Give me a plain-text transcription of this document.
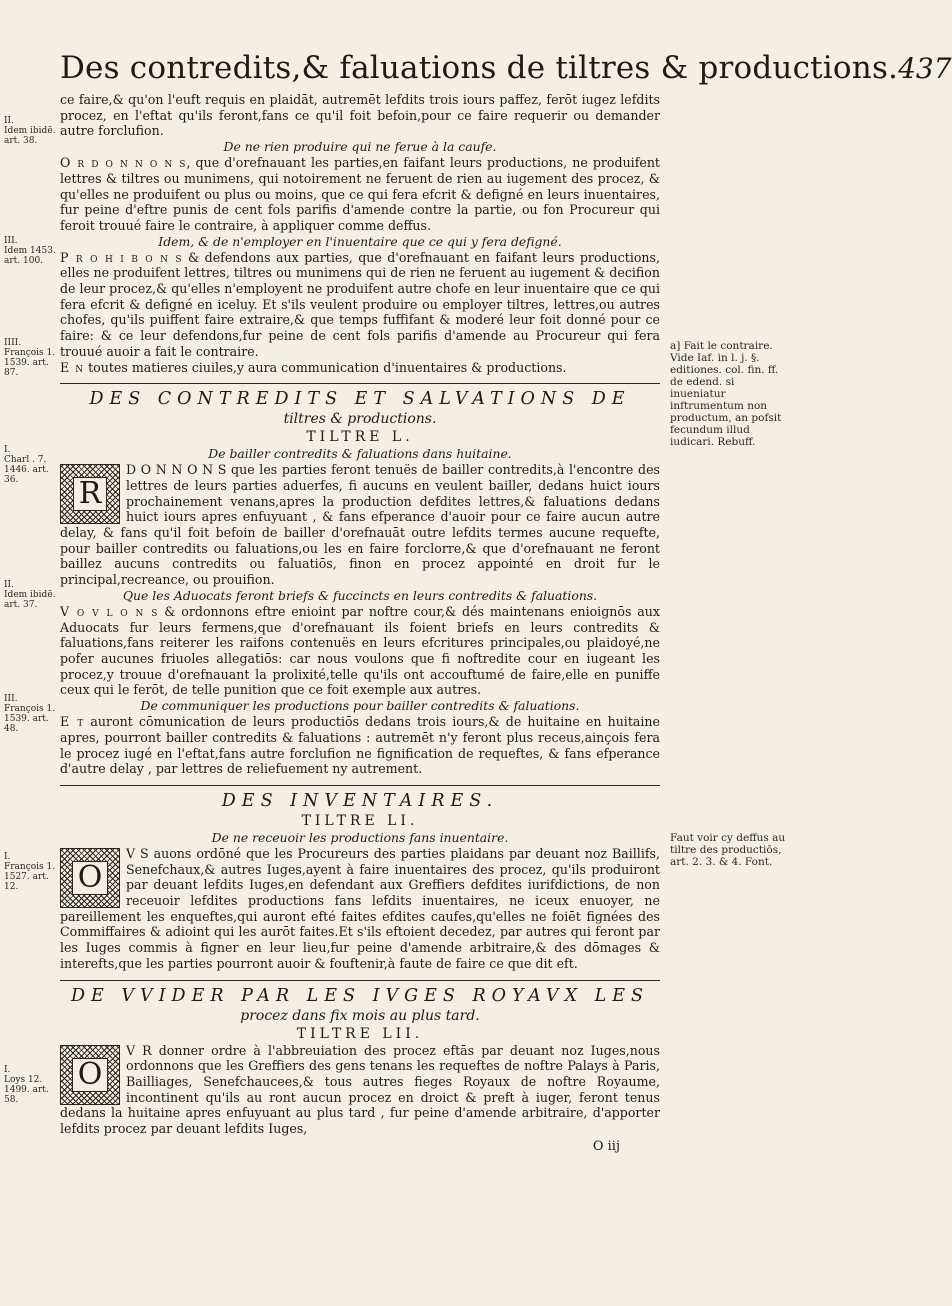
Des contredits,& faluations de tiltres & productions. 437
II.
Idem ibidē. art. 38.
III.
Idem 1453. art. 100.
IIII.
François 1. 1539. art. 87.
I.
Charl . 7. 1446. art. 36.
II.
Idem ibidē. art. 37.
III.
François 1. 1539. art. 48.
I.
François 1. 1527. art. 12.
I.
Loys 12. 1499. art. 58.
a] Fait le contraire. Vide Iaf. in l. j. §. editiones. col. fin. ff. de edend. si inueniatur inftrumentum non productum, an pofsit fecundum illud iudicari. Rebuff.
Faut voir cy deffus au tiltre des productiōs, art. 2. 3. & 4. Font.

ce faire,& qu'on l'euft requis en plaidāt, autremēt lefdits trois iours paffez, ferōt iugez lefdits procez, en l'eftat qu'ils feront,fans ce qu'il foit befoin,pour ce faire requerir ou demander autre forclufion.

De ne rien produire qui ne ferue à la caufe.

O r d o n n o n s, que d'orefnauant les parties,en faifant leurs productions, ne produifent lettres & tiltres ou munimens, qui notoirement ne feruent de rien au iugement des procez, & qu'elles ne produifent ou plus ou moins, que ce qui fera efcrit & defigné en leurs inuentaires, fur peine d'eftre punis de cent fols parifis d'amende contre la partie, ou fon Procureur qui feroit trouué faire le contraire, à appliquer comme deffus.

Idem, & de n'employer en l'inuentaire que ce qui y fera defigné.

P r o h i b o n s & defendons aux parties, que d'orefnauant en faifant leurs productions, elles ne produifent lettres, tiltres ou munimens qui de rien ne feruent au iugement & decifion de leur procez,& qu'elles n'employent ne produifent autre chofe en leur inuentaire que ce qui fera efcrit & defigné en iceluy. Et s'ils veulent produire ou employer tiltres, lettres,ou autres chofes, qu'ils puiffent faire extraire,& que temps fuffifant & moderé leur foit donné pour ce faire: & ce leur defendons,fur peine de cent fols parifis d'amende au Procureur qui fera trouué auoir a fait le contraire.

E n toutes matieres ciuiles,y aura communication d'inuentaires & productions.

DES CONTREDITS ET SALVATIONS DE

tiltres & productions.

TILTRE L.

De bailler contredits & faluations dans huitaine.

R

D O N N O N S que les parties feront tenuës de bailler contredits,à l'encontre des lettres de leurs parties aduerfes, fi aucuns en veulent bailler, dedans huict iours prochainement venans,apres la production defdites lettres,& faluations dedans huict iours apres enfuyuant , & fans efperance d'auoir pour ce faire aucun autre delay, & fans qu'il foit befoin de bailler d'orefnauāt outre lefdits termes aucune requefte, pour bailler contredits ou faluations,ou les en faire forclorre,& que d'orefnauant ne feront baillez aucuns contredits ou faluatiōs, finon en procez appointé en droit fur le principal,recreance, ou prouifion.

Que les Aduocats feront briefs & fuccincts en leurs contredits & faluations.

V o v l o n s & ordonnons eftre enioint par noftre cour,& dés maintenans enioignōs aux Aduocats fur leurs fermens,que d'orefnauant ils foient briefs en leurs contredits & faluations,fans reiterer les raifons contenuës en leurs efcritures principales,ou plaidoyé,ne pofer aucunes friuoles allegatiōs: car nous voulons que fi noftredite cour en iugeant les procez,y trouue d'orefnauant la prolixité,telle qu'ils ont accouftumé de faire,elle en puniffe ceux qui le ferōt, de telle punition que ce foit exemple aux autres.

De communiquer les productions pour bailler contredits & faluations.

E t auront cōmunication de leurs productiōs dedans trois iours,& de huitaine en huitaine apres, pourront bailler contredits & faluations : autremēt n'y feront plus receus,ainçois fera le procez iugé en l'eftat,fans autre forclufion ne fignification de requeftes, & fans efperance d'autre delay , par lettres de reliefuement ny autrement.

DES INVENTAIRES.

TILTRE LI.

De ne receuoir les productions fans inuentaire.

O

V S auons ordōné que les Procureurs des parties plaidans par deuant noz Baillifs, Senefchaux,& autres Iuges,ayent à faire inuentaires des procez, qu'ils produiront par deuant lefdits Iuges,en defendant aux Greffiers defdites iurifdictions, de non receuoir lefdites productions fans lefdits inuentaires, ne iceux enuoyer, ne pareillement les enqueftes,qui auront efté faites efdites caufes,qu'elles ne foiēt fignées des Commiffaires & adioint qui les aurōt faites.Et s'ils eftoient decedez, par autres qui feront par les Iuges commis à figner en leur lieu,fur peine d'amende arbitraire,& des dōmages & interefts,que les parties pourront auoir & fouftenir,à faute de faire ce que dit eft.

DE VVIDER PAR LES IVGES ROYAVX LES

procez dans fix mois au plus tard.

TILTRE LII.

O

V R donner ordre à l'abbreuiation des procez eftās par deuant noz Iuges,nous ordonnons que les Greffiers des gens tenans les requeftes de noftre Palays à Paris, Bailliages, Senefchaucees,& tous autres fieges Royaux de noftre Royaume, incontinent qu'ils au ront aucun procez en droict & preft à iuger, feront tenus dedans la huitaine apres enfuyuant au plus tard , fur peine d'amende arbitraire, d'apporter lefdits procez par deuant lefdits Iuges,

O iij
